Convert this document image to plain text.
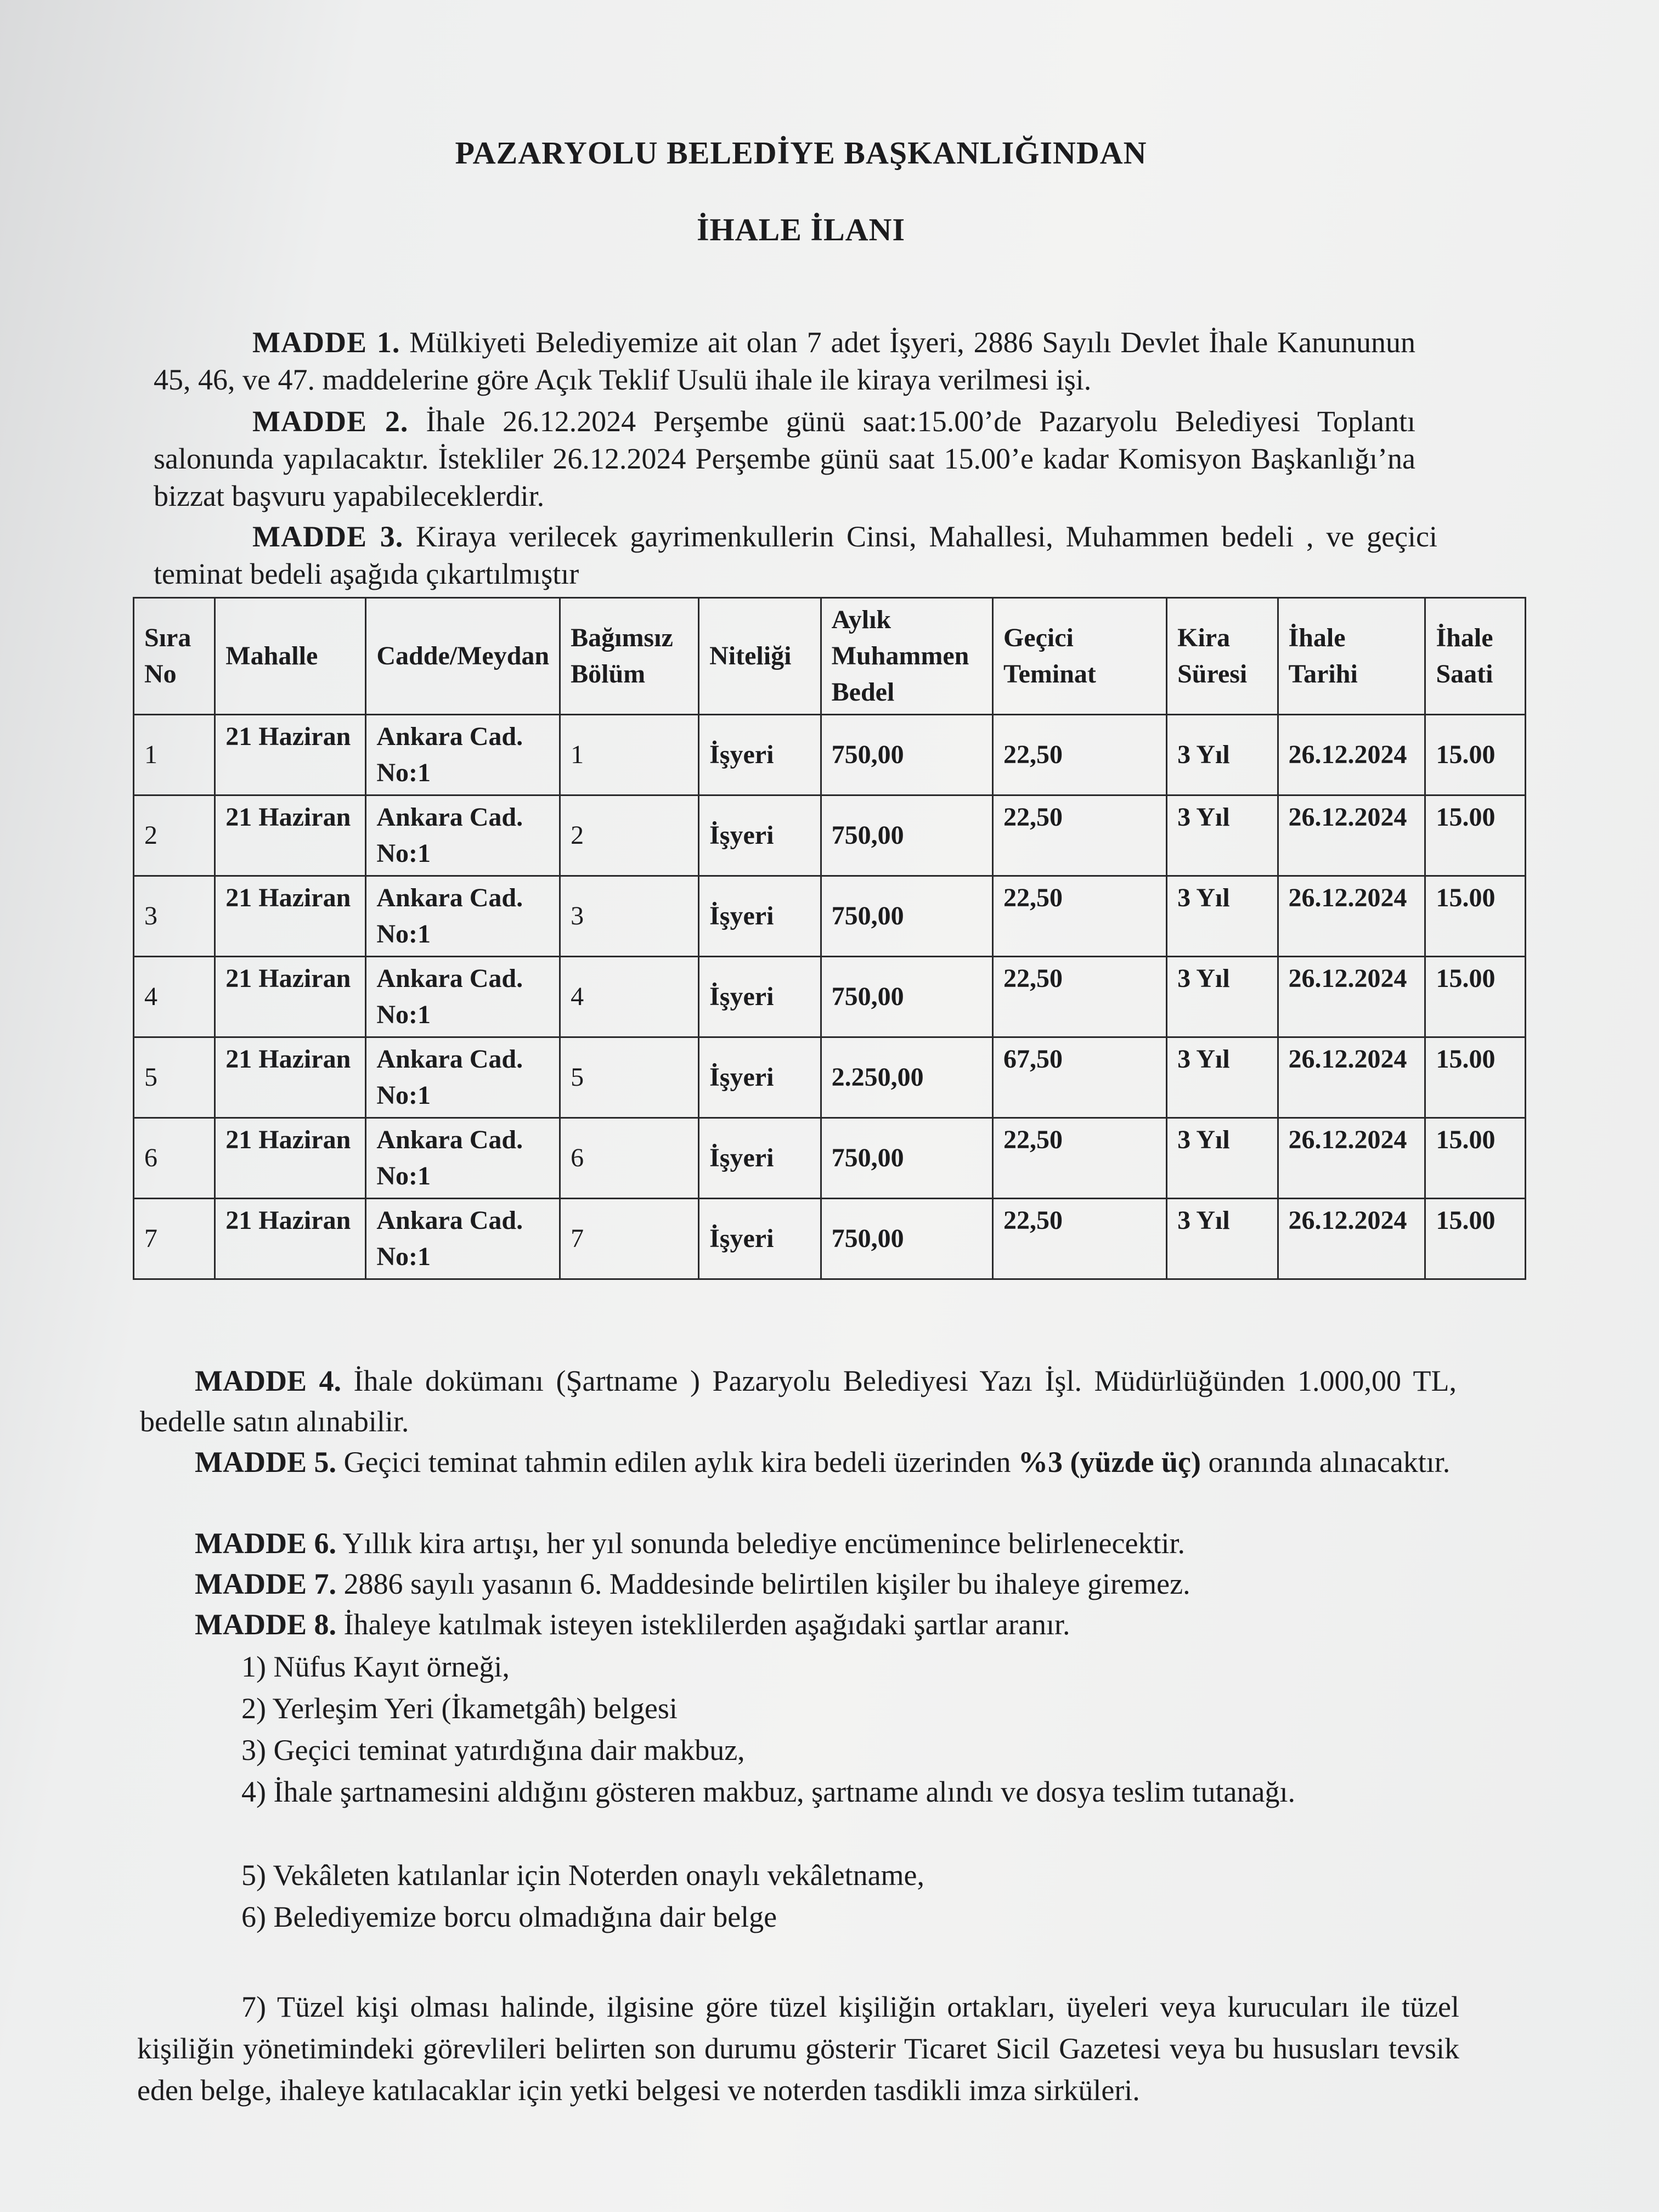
PAZARYOLU BELEDİYE BAŞKANLIĞINDAN
İHALE İLANI
MADDE 1. Mülkiyeti Belediyemize ait olan 7 adet İşyeri, 2886 Sayılı Devlet İhale Kanununun 45, 46, ve 47. maddelerine göre Açık Teklif Usulü ihale ile kiraya verilmesi işi.
MADDE 2. İhale 26.12.2024 Perşembe günü saat:15.00’de Pazaryolu Belediyesi Toplantı salonunda yapılacaktır. İstekliler 26.12.2024 Perşembe günü saat 15.00’e kadar Komisyon Başkanlığı’na bizzat başvuru yapabileceklerdir.
MADDE 3. Kiraya verilecek gayrimenkullerin Cinsi, Mahallesi, Muhammen bedeli , ve geçici teminat bedeli aşağıda çıkartılmıştır
Sıra No	Mahalle	Cadde/Meydan	Bağımsız Bölüm	Niteliği	Aylık Muhammen Bedel	Geçici Teminat	Kira Süresi	İhale Tarihi	İhale Saati
1	21 Haziran	Ankara Cad. No:1	1	İşyeri	750,00	22,50	3 Yıl	26.12.2024	15.00
2	21 Haziran	Ankara Cad. No:1	2	İşyeri	750,00	22,50	3 Yıl	26.12.2024	15.00
3	21 Haziran	Ankara Cad. No:1	3	İşyeri	750,00	22,50	3 Yıl	26.12.2024	15.00
4	21 Haziran	Ankara Cad. No:1	4	İşyeri	750,00	22,50	3 Yıl	26.12.2024	15.00
5	21 Haziran	Ankara Cad. No:1	5	İşyeri	2.250,00	67,50	3 Yıl	26.12.2024	15.00
6	21 Haziran	Ankara Cad. No:1	6	İşyeri	750,00	22,50	3 Yıl	26.12.2024	15.00
7	21 Haziran	Ankara Cad. No:1	7	İşyeri	750,00	22,50	3 Yıl	26.12.2024	15.00

MADDE 4. İhale dokümanı (Şartname ) Pazaryolu Belediyesi Yazı İşl. Müdürlüğünden 1.000,00 TL, bedelle satın alınabilir.

MADDE 5. Geçici teminat tahmin edilen aylık kira bedeli üzerinden %3 (yüzde üç) oranında alınacaktır.

MADDE 6. Yıllık kira artışı, her yıl sonunda belediye encümenince belirlenecektir.

MADDE 7. 2886 sayılı yasanın 6. Maddesinde belirtilen kişiler bu ihaleye giremez.

MADDE 8. İhaleye katılmak isteyen isteklilerden aşağıdaki şartlar aranır.

1) Nüfus Kayıt örneği,
2) Yerleşim Yeri (İkametgâh) belgesi
3) Geçici teminat yatırdığına dair makbuz,
4) İhale şartnamesini aldığını gösteren makbuz, şartname alındı ve dosya teslim tutanağı.
5) Vekâleten katılanlar için Noterden onaylı vekâletname,
6) Belediyemize borcu olmadığına dair belge
7) Tüzel kişi olması halinde, ilgisine göre tüzel kişiliğin ortakları, üyeleri veya kurucuları ile tüzel kişiliğin yönetimindeki görevlileri belirten son durumu gösterir Ticaret Sicil Gazetesi veya bu hususları tevsik eden belge, ihaleye katılacaklar için yetki belgesi ve noterden tasdikli imza sirküleri.
